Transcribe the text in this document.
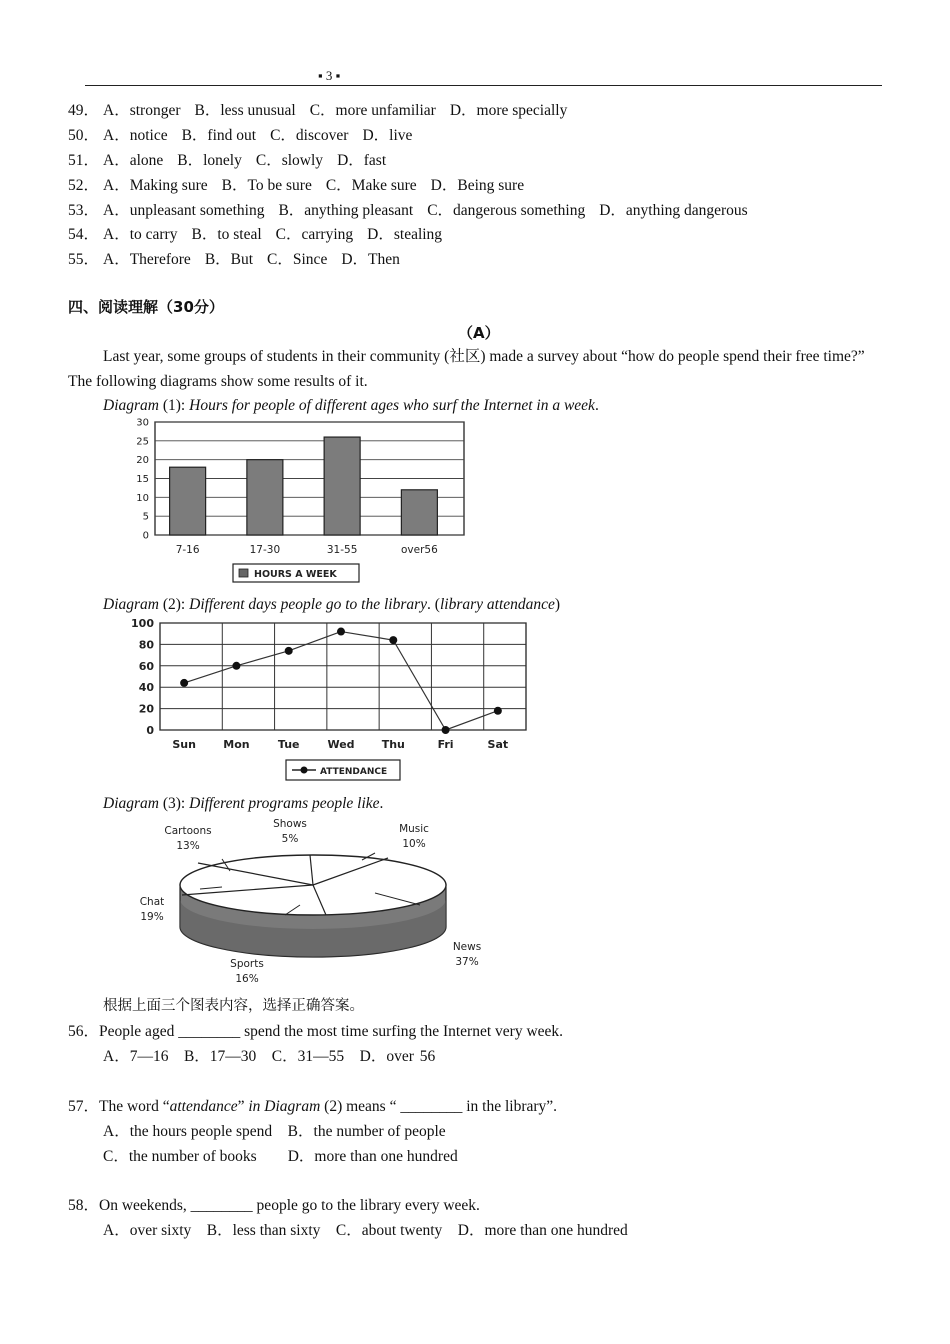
▪ 3 ▪
49． A．stronger B．less unusual C．more unfamiliar D．more specially
50． A．notice B．find out C．discover D．live
51． A．alone B．lonely C．slowly D．fast
52． A．Making sure B．To be sure C．Make sure D．Being sure
53． A．unpleasant something B．anything pleasant C．dangerous something D．anything dangerous
54． A．to carry B．to steal C．carrying D．stealing
55． A．Therefore B．But C．Since D．Then
四、阅读理解（30分）
（A）
Last year, some groups of students in their community (社区) made a survey about “how do people spend their free time?” The following diagrams show some results of it.
Diagram (1): Hours for people of different ages who surf the Internet in a week.
0
5
10
15
20
25
30
7-16	17-30	31-55	over56
HOURS A WEEK
Diagram (2): Different days people go to the library. (library attendance)
0
20
40
60
80
100
Sun Mon	Tue	Wed Thu	Fri	Sat
ATTENDANCE
Diagram (3): Different programs people like.
Cartoons
13%
Shows
5%
Music
10%
Chat
19%
Sports
16%
News
37%
根据上面三个图表内容，选择正确答案。
56．People aged ________ spend the most time surfing the Internet very week.
A．7—16　B．17—30　C．31—55　D．over 56
57．The word “attendance” in Diagram (2) means “ ________ in the library”.
A．the hours people spend　B．the number of people
C．the number of books　　D．more than one hundred
58．On weekends, ________ people go to the library every week.
A．over sixty　B．less than sixty　C．about twenty　D．more than one hundred
